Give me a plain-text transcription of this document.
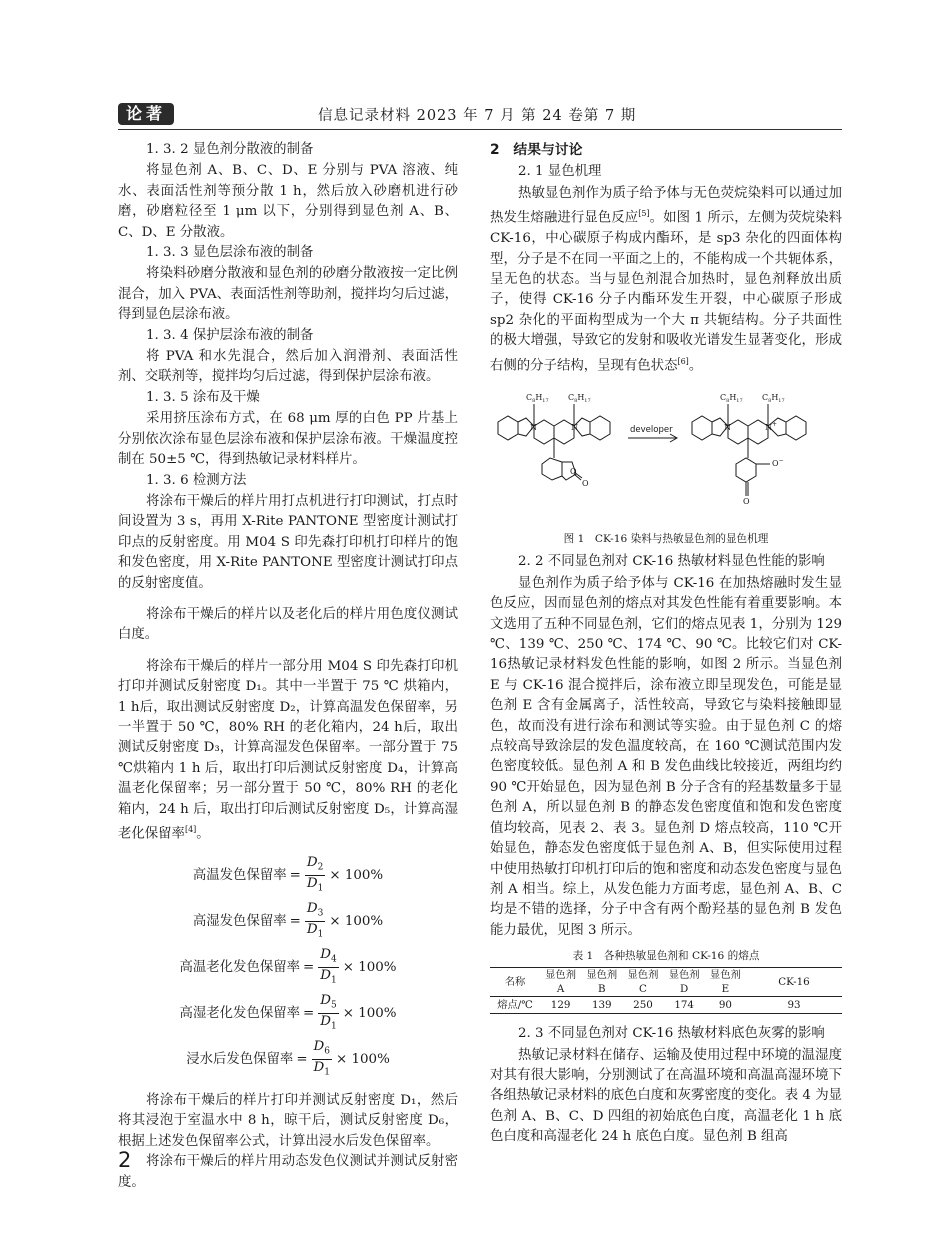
论著	信息记录材料 2023 年 7 月 第 24 卷第 7 期
1. 3. 2 显色剂分散液的制备

将显色剂 A、B、C、D、E 分别与 PVA 溶液、纯水、表面活性剂等预分散 1 h，然后放入砂磨机进行砂磨，砂磨粒径至 1 μm 以下，分别得到显色剂 A、B、C、D、E 分散液。

1. 3. 3 显色层涂布液的制备

将染料砂磨分散液和显色剂的砂磨分散液按一定比例混合，加入 PVA、表面活性剂等助剂，搅拌均匀后过滤，得到显色层涂布液。

1. 3. 4 保护层涂布液的制备

将 PVA 和水先混合，然后加入润滑剂、表面活性剂、交联剂等，搅拌均匀后过滤，得到保护层涂布液。

1. 3. 5 涂布及干燥

采用挤压涂布方式，在 68 μm 厚的白色 PP 片基上分别依次涂布显色层涂布液和保护层涂布液。干燥温度控制在 50±5 ℃，得到热敏记录材料样片。

1. 3. 6 检测方法

将涂布干燥后的样片用打点机进行打印测试，打点时间设置为 3 s，再用 X-Rite PANTONE 型密度计测试打印点的反射密度。用 M04 S 印先森打印机打印样片的饱和发色密度，用 X-Rite PANTONE 型密度计测试打印点的反射密度值。

将涂布干燥后的样片以及老化后的样片用色度仪测试白度。

将涂布干燥后的样片一部分用 M04 S 印先森打印机打印并测试反射密度 D₁。其中一半置于 75 ℃ 烘箱内，1 h后，取出测试反射密度 D₂，计算高温发色保留率，另一半置于 50 ℃，80% RH 的老化箱内，24 h后，取出测试反射密度 D₃，计算高湿发色保留率。一部分置于 75 ℃烘箱内 1 h 后，取出打印后测试反射密度 D₄，计算高温老化保留率；另一部分置于 50 ℃，80% RH 的老化箱内，24 h 后，取出打印后测试反射密度 D₅，计算高湿老化保留率[4]。

高温发色保留率 = $\frac{D_2}{D_1} \times 100\%$
高湿发色保留率 = $\frac{D_3}{D_1} \times 100\%$
高温老化发色保留率 = $\frac{D_4}{D_1} \times 100\%$
高湿老化发色保留率 = $\frac{D_5}{D_1} \times 100\%$
浸水后发色保留率 = $\frac{D_6}{D_1} \times 100\%$

将涂布干燥后的样片打印并测试反射密度 D₁，然后将其浸泡于室温水中 8 h，晾干后，测试反射密度 D₆，根据上述发色保留率公式，计算出浸水后发色保留率。

将涂布干燥后的样片用动态发色仪测试并测试反射密度。

2　结果与讨论
2. 1 显色机理

热敏显色剂作为质子给予体与无色荧烷染料可以通过加热发生熔融进行显色反应[5]。如图 1 所示，左侧为荧烷染料 CK-16，中心碳原子构成内酯环，是 sp3 杂化的四面体构型，分子是不在同一平面之上的，不能构成一个共轭体系，呈无色的状态。当与显色剂混合加热时，显色剂释放出质子，使得 CK-16 分子内酯环发生开裂，中心碳原子形成 sp2 杂化的平面构型成为一个大 π 共轭结构。分子共面性的极大增强，导致它的发射和吸收光谱发生显著变化，形成右侧的分子结构，呈现有色状态[6]。

$C_8H_{17}$ $C_8H_{17}$
N	N
O
O
developer
$C_8H_{17}$ $C_8H_{17}$
N	N+
O−
O
图 1　CK-16 染料与热敏显色剂的显色机理
2. 2 不同显色剂对 CK-16 热敏材料显色性能的影响

显色剂作为质子给予体与 CK-16 在加热熔融时发生显色反应，因而显色剂的熔点对其发色性能有着重要影响。本文选用了五种不同显色剂，它们的熔点见表 1，分别为 129 ℃、139 ℃、250 ℃、174 ℃、90 ℃。比较它们对 CK-16热敏记录材料发色性能的影响，如图 2 所示。当显色剂 E 与 CK-16 混合搅拌后，涂布液立即呈现发色，可能是显色剂 E 含有金属离子，活性较高，导致它与染料接触即显色，故而没有进行涂布和测试等实验。由于显色剂 C 的熔点较高导致涂层的发色温度较高，在 160 ℃测试范围内发色密度较低。显色剂 A 和 B 发色曲线比较接近，两组均约 90 ℃开始显色，因为显色剂 B 分子含有的羟基数量多于显色剂 A，所以显色剂 B 的静态发色密度值和饱和发色密度值均较高，见表 2、表 3。显色剂 D 熔点较高，110 ℃开始显色，静态发色密度低于显色剂 A、B，但实际使用过程中使用热敏打印机打印后的饱和密度和动态发色密度与显色剂 A 相当。综上，从发色能力方面考虑，显色剂 A、B、C 均是不错的选择，分子中含有两个酚羟基的显色剂 B 发色能力最优，见图 3 所示。

表 1　各种热敏显色剂和 CK-16 的熔点
名称	显色剂	显色剂	显色剂	显色剂	显色剂	CK-16
	A	B	C	D	E	
熔点/℃	129	139	250	174	90	93
2. 3 不同显色剂对 CK-16 热敏材料底色灰雾的影响

热敏记录材料在储存、运输及使用过程中环境的温湿度对其有很大影响，分别测试了在高温环境和高温高湿环境下各组热敏记录材料的底色白度和灰雾密度的变化。表 4 为显色剂 A、B、C、D 四组的初始底色白度，高温老化 1 h 底色白度和高湿老化 24 h 底色白度。显色剂 B 组高

2
